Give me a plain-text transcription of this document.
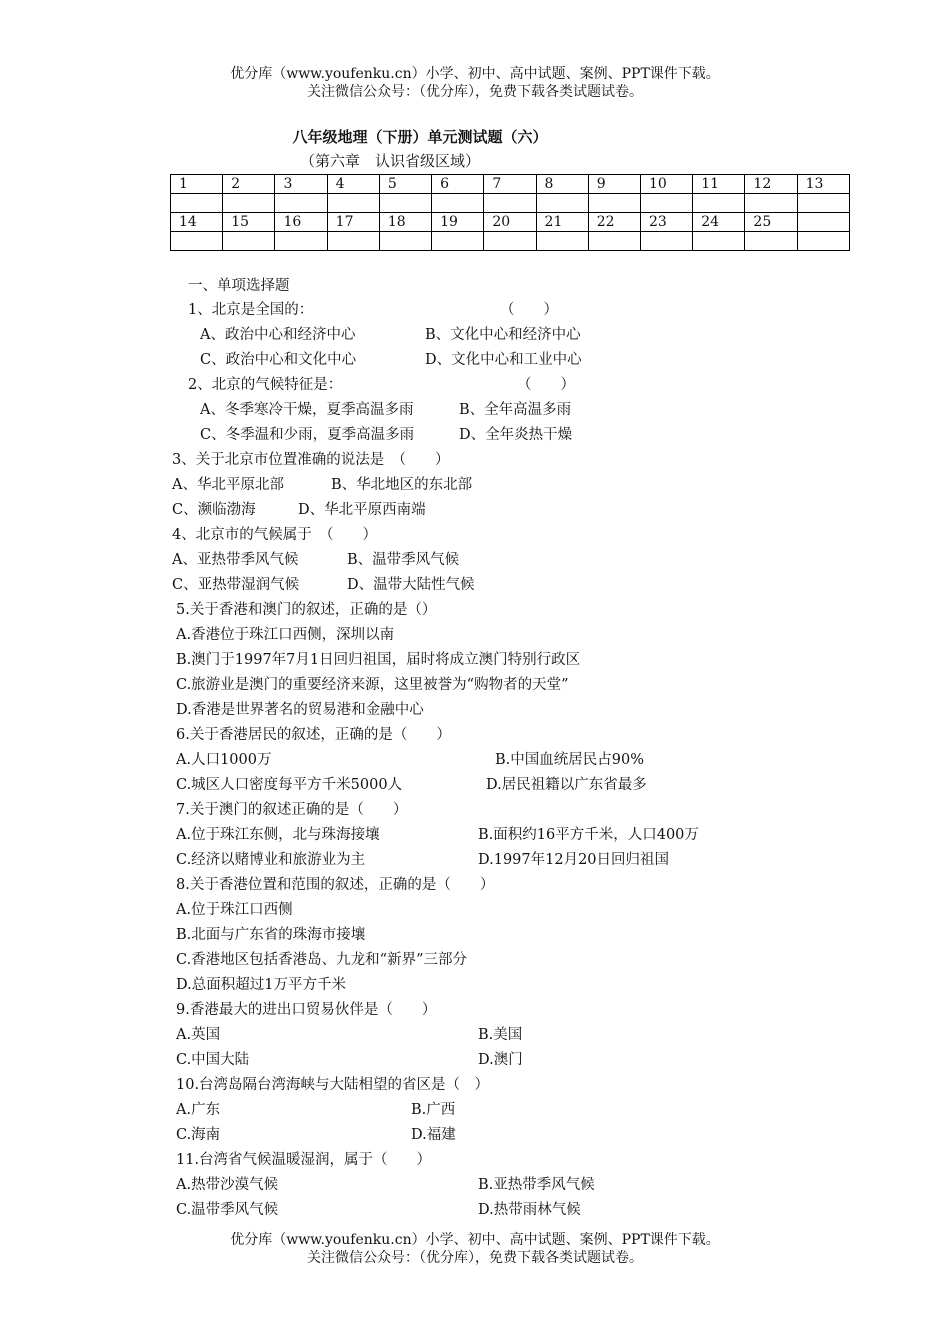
优分库（www.youfenku.cn）小学、初中、高中试题、案例、PPT课件下载。
关注微信公众号：（优分库），免费下载各类试题试卷。
八年级地理（下册）单元测试题（六）
（第六章　认识省级区域）
1	2	3	4	5	6	7	8	9	10	11	12	13

14	15	16	17	18	19	20	21	22	23	24	25	

一、单项选择题
1、北京是全国的：	（　　）
A、政治中心和经济中心	B、文化中心和经济中心
C、政治中心和文化中心	D、文化中心和工业中心
2、北京的气候特征是：	（　　）
A、冬季寒冷干燥，夏季高温多雨	B、全年高温多雨
C、冬季温和少雨，夏季高温多雨	D、全年炎热干燥
3、关于北京市位置准确的说法是　（　　）
A、华北平原北部	B、华北地区的东北部
C、濒临渤海	D、华北平原西南端
4、北京市的气候属于　（　　）
A、亚热带季风气候	B、温带季风气候
C、亚热带湿润气候	D、温带大陆性气候
5.关于香港和澳门的叙述，正确的是（）
A.香港位于珠江口西侧，深圳以南
B.澳门于1997年7月1日回归祖国，届时将成立澳门特别行政区
C.旅游业是澳门的重要经济来源，这里被誉为“购物者的天堂”
D.香港是世界著名的贸易港和金融中心
6.关于香港居民的叙述，正确的是（　　）
A.人口1000万	B.中国血统居民占90%
C.城区人口密度每平方千米5000人	D.居民祖籍以广东省最多
7.关于澳门的叙述正确的是（　　）
A.位于珠江东侧，北与珠海接壤	B.面积约16平方千米，人口400万
C.经济以赌博业和旅游业为主	D.1997年12月20日回归祖国
8.关于香港位置和范围的叙述，正确的是（　　）
A.位于珠江口西侧
B.北面与广东省的珠海市接壤
C.香港地区包括香港岛、九龙和“新界”三部分
D.总面积超过1万平方千米
9.香港最大的进出口贸易伙伴是（　　）
A.英国	B.美国
C.中国大陆	D.澳门
10.台湾岛隔台湾海峡与大陆相望的省区是（　）
A.广东	B.广西
C.海南	D.福建
11.台湾省气候温暖湿润，属于（　　）
A.热带沙漠气候	B.亚热带季风气候
C.温带季风气候	D.热带雨林气候
优分库（www.youfenku.cn）小学、初中、高中试题、案例、PPT课件下载。
关注微信公众号：（优分库），免费下载各类试题试卷。
